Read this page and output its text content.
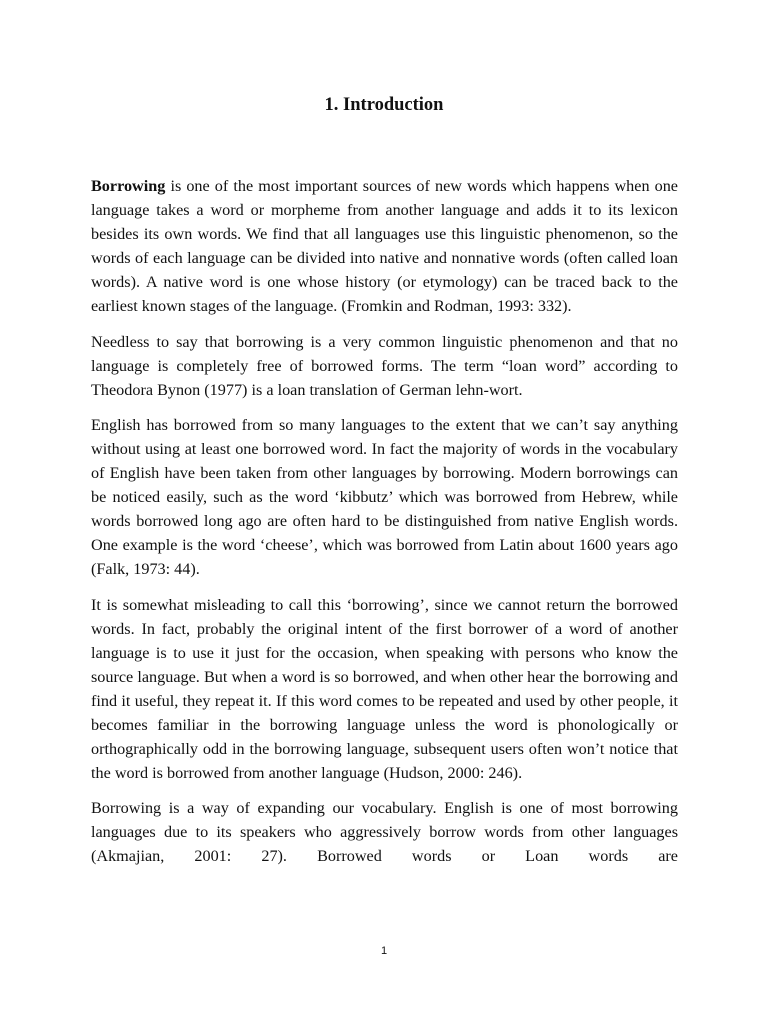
1. Introduction

Borrowing is one of the most important sources of new words which happens when one language takes a word or morpheme from another language and adds it to its lexicon besides its own words. We find that all languages use this linguistic phenomenon, so the words of each language can be divided into native and nonnative words (often called loan words). A native word is one whose history (or etymology) can be traced back to the earliest known stages of the language. (Fromkin and Rodman, 1993: 332).

Needless to say that borrowing is a very common linguistic phenomenon and that no language is completely free of borrowed forms. The term “loan word” according to Theodora Bynon (1977) is a loan translation of German lehn-wort.

English has borrowed from so many languages to the extent that we can’t say anything without using at least one borrowed word. In fact the majority of words in the vocabulary of English have been taken from other languages by borrowing. Modern borrowings can be noticed easily, such as the word ‘kibbutz’ which was borrowed from Hebrew, while words borrowed long ago are often hard to be distinguished from native English words. One example is the word ‘cheese’, which was borrowed from Latin about 1600 years ago (Falk, 1973: 44).

It is somewhat misleading to call this ‘borrowing’, since we cannot return the borrowed words. In fact, probably the original intent of the first borrower of a word of another language is to use it just for the occasion, when speaking with persons who know the source language. But when a word is so borrowed, and when other hear the borrowing and find it useful, they repeat it. If this word comes to be repeated and used by other people, it becomes familiar in the borrowing language unless the word is phonologically or orthographically odd in the borrowing language, subsequent users often won’t notice that the word is borrowed from another language (Hudson, 2000: 246).

Borrowing is a way of expanding our vocabulary. English is one of most borrowing languages due to its speakers who aggressively borrow words from other languages (Akmajian, 2001: 27). Borrowed words or Loan words are

1
